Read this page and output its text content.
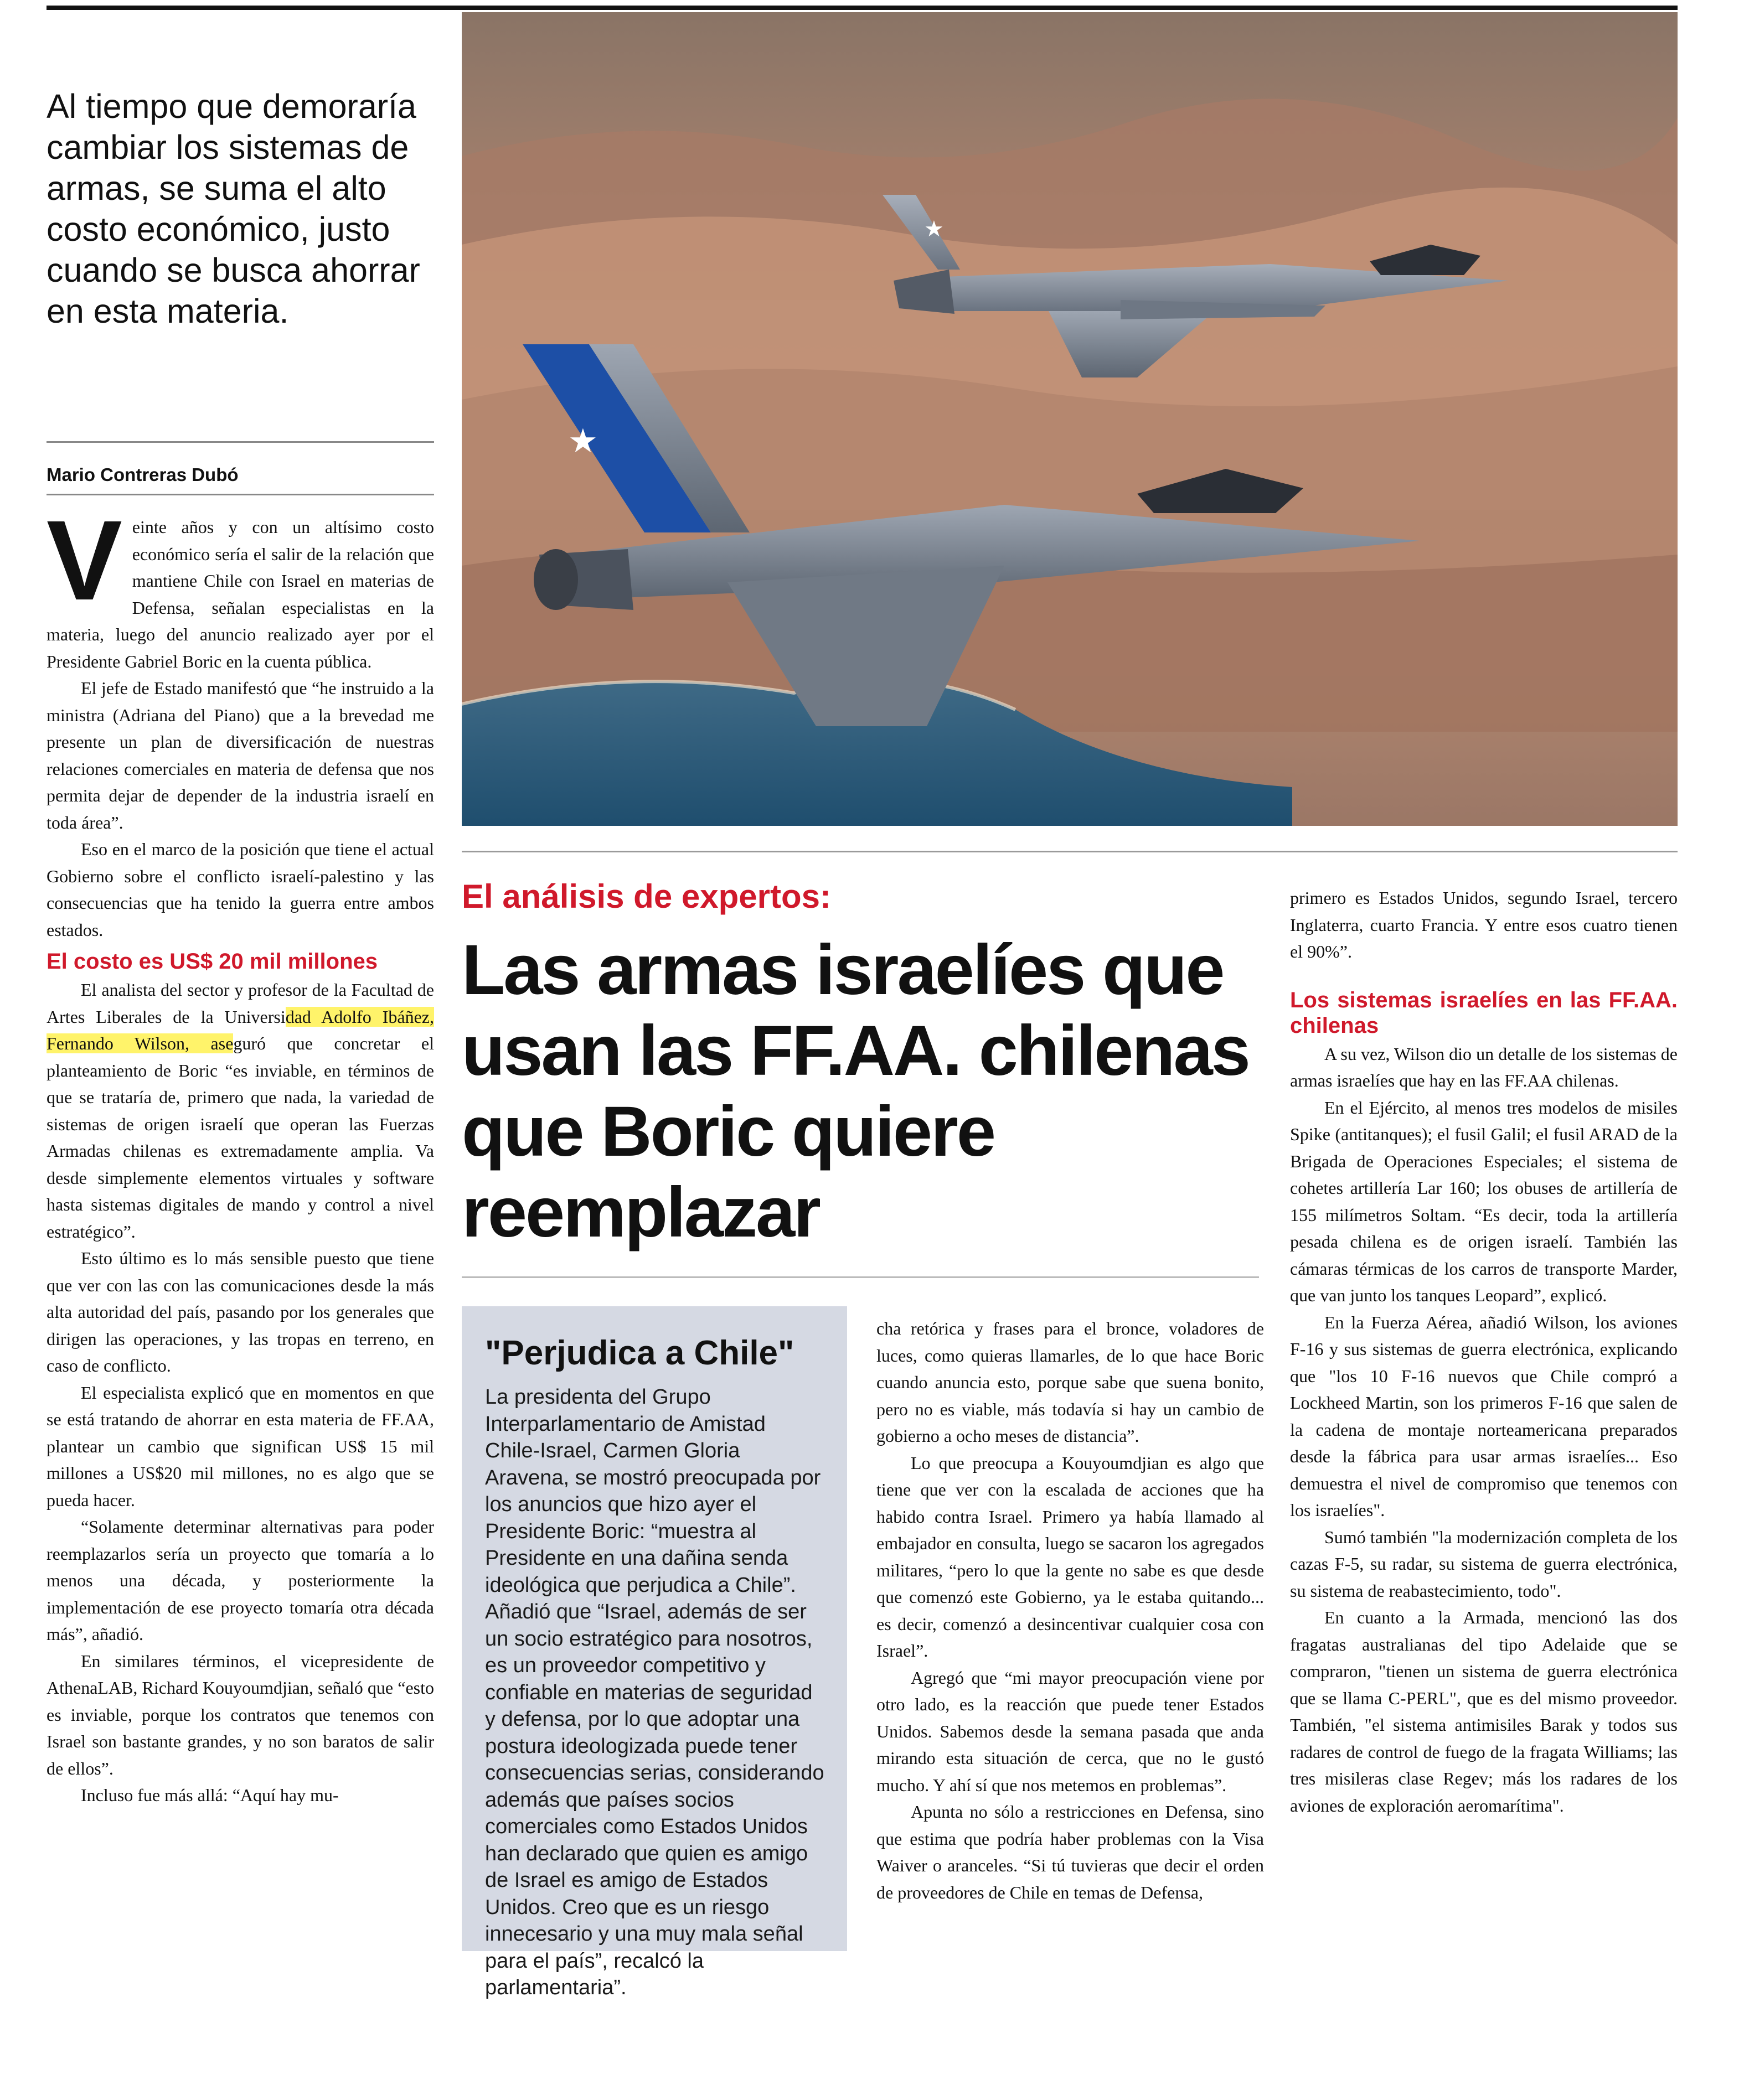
Al tiempo que demoraría cambiar los sistemas de armas, se suma el alto costo económico, justo cuando se busca ahorrar en esta materia.
Mario Contreras Dubó

Veinte años y con un altísimo costo económico sería el salir de la relación que mantiene Chile con Israel en materias de Defensa, señalan especialistas en la materia, luego del anuncio realizado ayer por el Presidente Gabriel Boric en la cuenta pública.

El jefe de Estado manifestó que “he instruido a la ministra (Adriana del Piano) que a la brevedad me presente un plan de diversificación de nuestras relaciones comerciales en materia de defensa que nos permita dejar de depender de la industria israelí en toda área”.

Eso en el marco de la posición que tiene el actual Gobierno sobre el conflicto israelí-palestino y las consecuencias que ha tenido la guerra entre ambos estados.

El costo es US$ 20 mil millones

El analista del sector y profesor de la Facultad de Artes Liberales de la Universidad Adolfo Ibáñez, Fernando Wilson, aseguró que concretar el planteamiento de Boric “es inviable, en términos de que se trataría de, primero que nada, la variedad de sistemas de origen israelí que operan las Fuerzas Armadas chilenas es extremadamente amplia. Va desde simplemente elementos virtuales y software hasta sistemas digitales de mando y control a nivel estratégico”.

Esto último es lo más sensible puesto que tiene que ver con las con las comunicaciones desde la más alta autoridad del país, pasando por los generales que dirigen las operaciones, y las tropas en terreno, en caso de conflicto.

El especialista explicó que en momentos en que se está tratando de ahorrar en esta materia de FF.AA, plantear un cambio que significan US$ 15 mil millones a US$20 mil millones, no es algo que se pueda hacer.

“Solamente determinar alternativas para poder reemplazarlos sería un proyecto que tomaría a lo menos una década, y posteriormente la implementación de ese proyecto tomaría otra década más”, añadió.

En similares términos, el vicepresidente de AthenaLAB, Richard Kouyoumdjian, señaló que “esto es inviable, porque los contratos que tenemos con Israel son bastante grandes, y no son baratos de salir de ellos”.

Incluso fue más allá: “Aquí hay mu-

★
★
El análisis de expertos:
Las armas israelíes que usan las FF.AA. chilenas que Boric quiere reemplazar
"Perjudica a Chile"

La presidenta del Grupo Interparlamentario de Amistad Chile-Israel, Carmen Gloria Aravena, se mostró preocupada por los anuncios que hizo ayer el Presidente Boric: “muestra al Presidente en una dañina senda ideológica que perjudica a Chile”.

Añadió que “Israel, además de ser un socio estratégico para nosotros, es un proveedor competitivo y confiable en materias de seguridad y defensa, por lo que adoptar una postura ideologizada puede tener consecuencias serias, considerando además que países socios comerciales como Estados Unidos han declarado que quien es amigo de Israel es amigo de Estados Unidos. Creo que es un riesgo innecesario y una muy mala señal para el país”, recalcó la parlamentaria”.

cha retórica y frases para el bronce, voladores de luces, como quieras llamarles, de lo que hace Boric cuando anuncia esto, porque sabe que suena bonito, pero no es viable, más todavía si hay un cambio de gobierno a ocho meses de distancia”.

Lo que preocupa a Kouyoumdjian es algo que tiene que ver con la escalada de acciones que ha habido contra Israel. Primero ya había llamado al embajador en consulta, luego se sacaron los agregados militares, “pero lo que la gente no sabe es que desde que comenzó este Gobierno, ya le estaba quitando... es decir, comenzó a desincentivar cualquier cosa con Israel”.

Agregó que “mi mayor preocupación viene por otro lado, es la reacción que puede tener Estados Unidos. Sabemos desde la semana pasada que anda mirando esta situación de cerca, que no le gustó mucho. Y ahí sí que nos metemos en problemas”.

Apunta no sólo a restricciones en Defensa, sino que estima que podría haber problemas con la Visa Waiver o aranceles. “Si tú tuvieras que decir el orden de proveedores de Chile en temas de Defensa,

primero es Estados Unidos, segundo Israel, tercero Inglaterra, cuarto Francia. Y entre esos cuatro tienen el 90%”.

Los sistemas israelíes en las FF.AA. chilenas

A su vez, Wilson dio un detalle de los sistemas de armas israelíes que hay en las FF.AA chilenas.

En el Ejército, al menos tres modelos de misiles Spike (antitanques); el fusil Galil; el fusil ARAD de la Brigada de Operaciones Especiales; el sistema de cohetes artillería Lar 160; los obuses de artillería de 155 milímetros Soltam. “Es decir, toda la artillería pesada chilena es de origen israelí. También las cámaras térmicas de los carros de transporte Marder, que van junto los tanques Leopard”, explicó.

En la Fuerza Aérea, añadió Wilson, los aviones F-16 y sus sistemas de guerra electrónica, explicando que "los 10 F-16 nuevos que Chile compró a Lockheed Martin, son los primeros F-16 que salen de la cadena de montaje norteamericana preparados desde la fábrica para usar armas israelíes... Eso demuestra el nivel de compromiso que tenemos con los israelíes".

Sumó también "la modernización completa de los cazas F-5, su radar, su sistema de guerra electrónica, su sistema de reabastecimiento, todo".

En cuanto a la Armada, mencionó las dos fragatas australianas del tipo Adelaide que se compraron, "tienen un sistema de guerra electrónica que se llama C-PERL", que es del mismo proveedor. También, "el sistema antimisiles Barak y todos sus radares de control de fuego de la fragata Williams; las tres misileras clase Regev; más los radares de los aviones de exploración aeromarítima".
